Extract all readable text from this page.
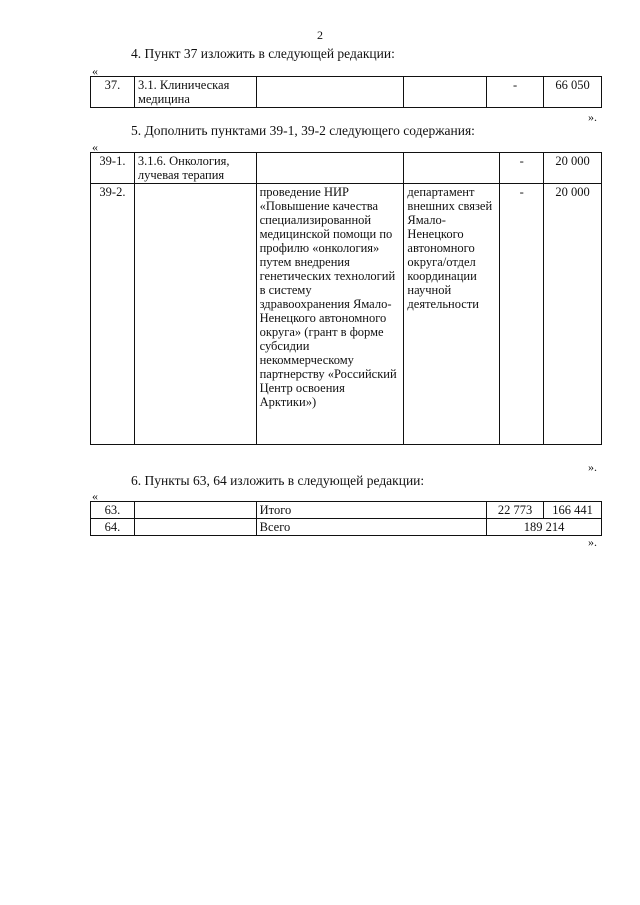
2
4. Пункт 37 изложить в следующей редакции:
«
37.	3.1. Клиническая медицина			-	66 050
».
5. Дополнить пунктами 39-1, 39-2 следующего содержания:
«
39-1.	3.1.6. Онкология, лучевая терапия			-	20 000
39-2.		проведение НИР «Повышение качества специализированной медицинской помощи по профилю «онкология» путем внедрения генетических технологий в систему здравоохранения Ямало-Ненецкого автономного округа» (грант в форме субсидии некоммерческому партнерству «Российский Центр освоения Арктики»)	департамент внешних связей Ямало-Ненецкого автономного округа/отдел координации научной деятельности	-	20 000
».
6. Пункты 63, 64 изложить в следующей редакции:
«
63.		Итого	22 773	166 441
64.		Всего	189 214	
».
